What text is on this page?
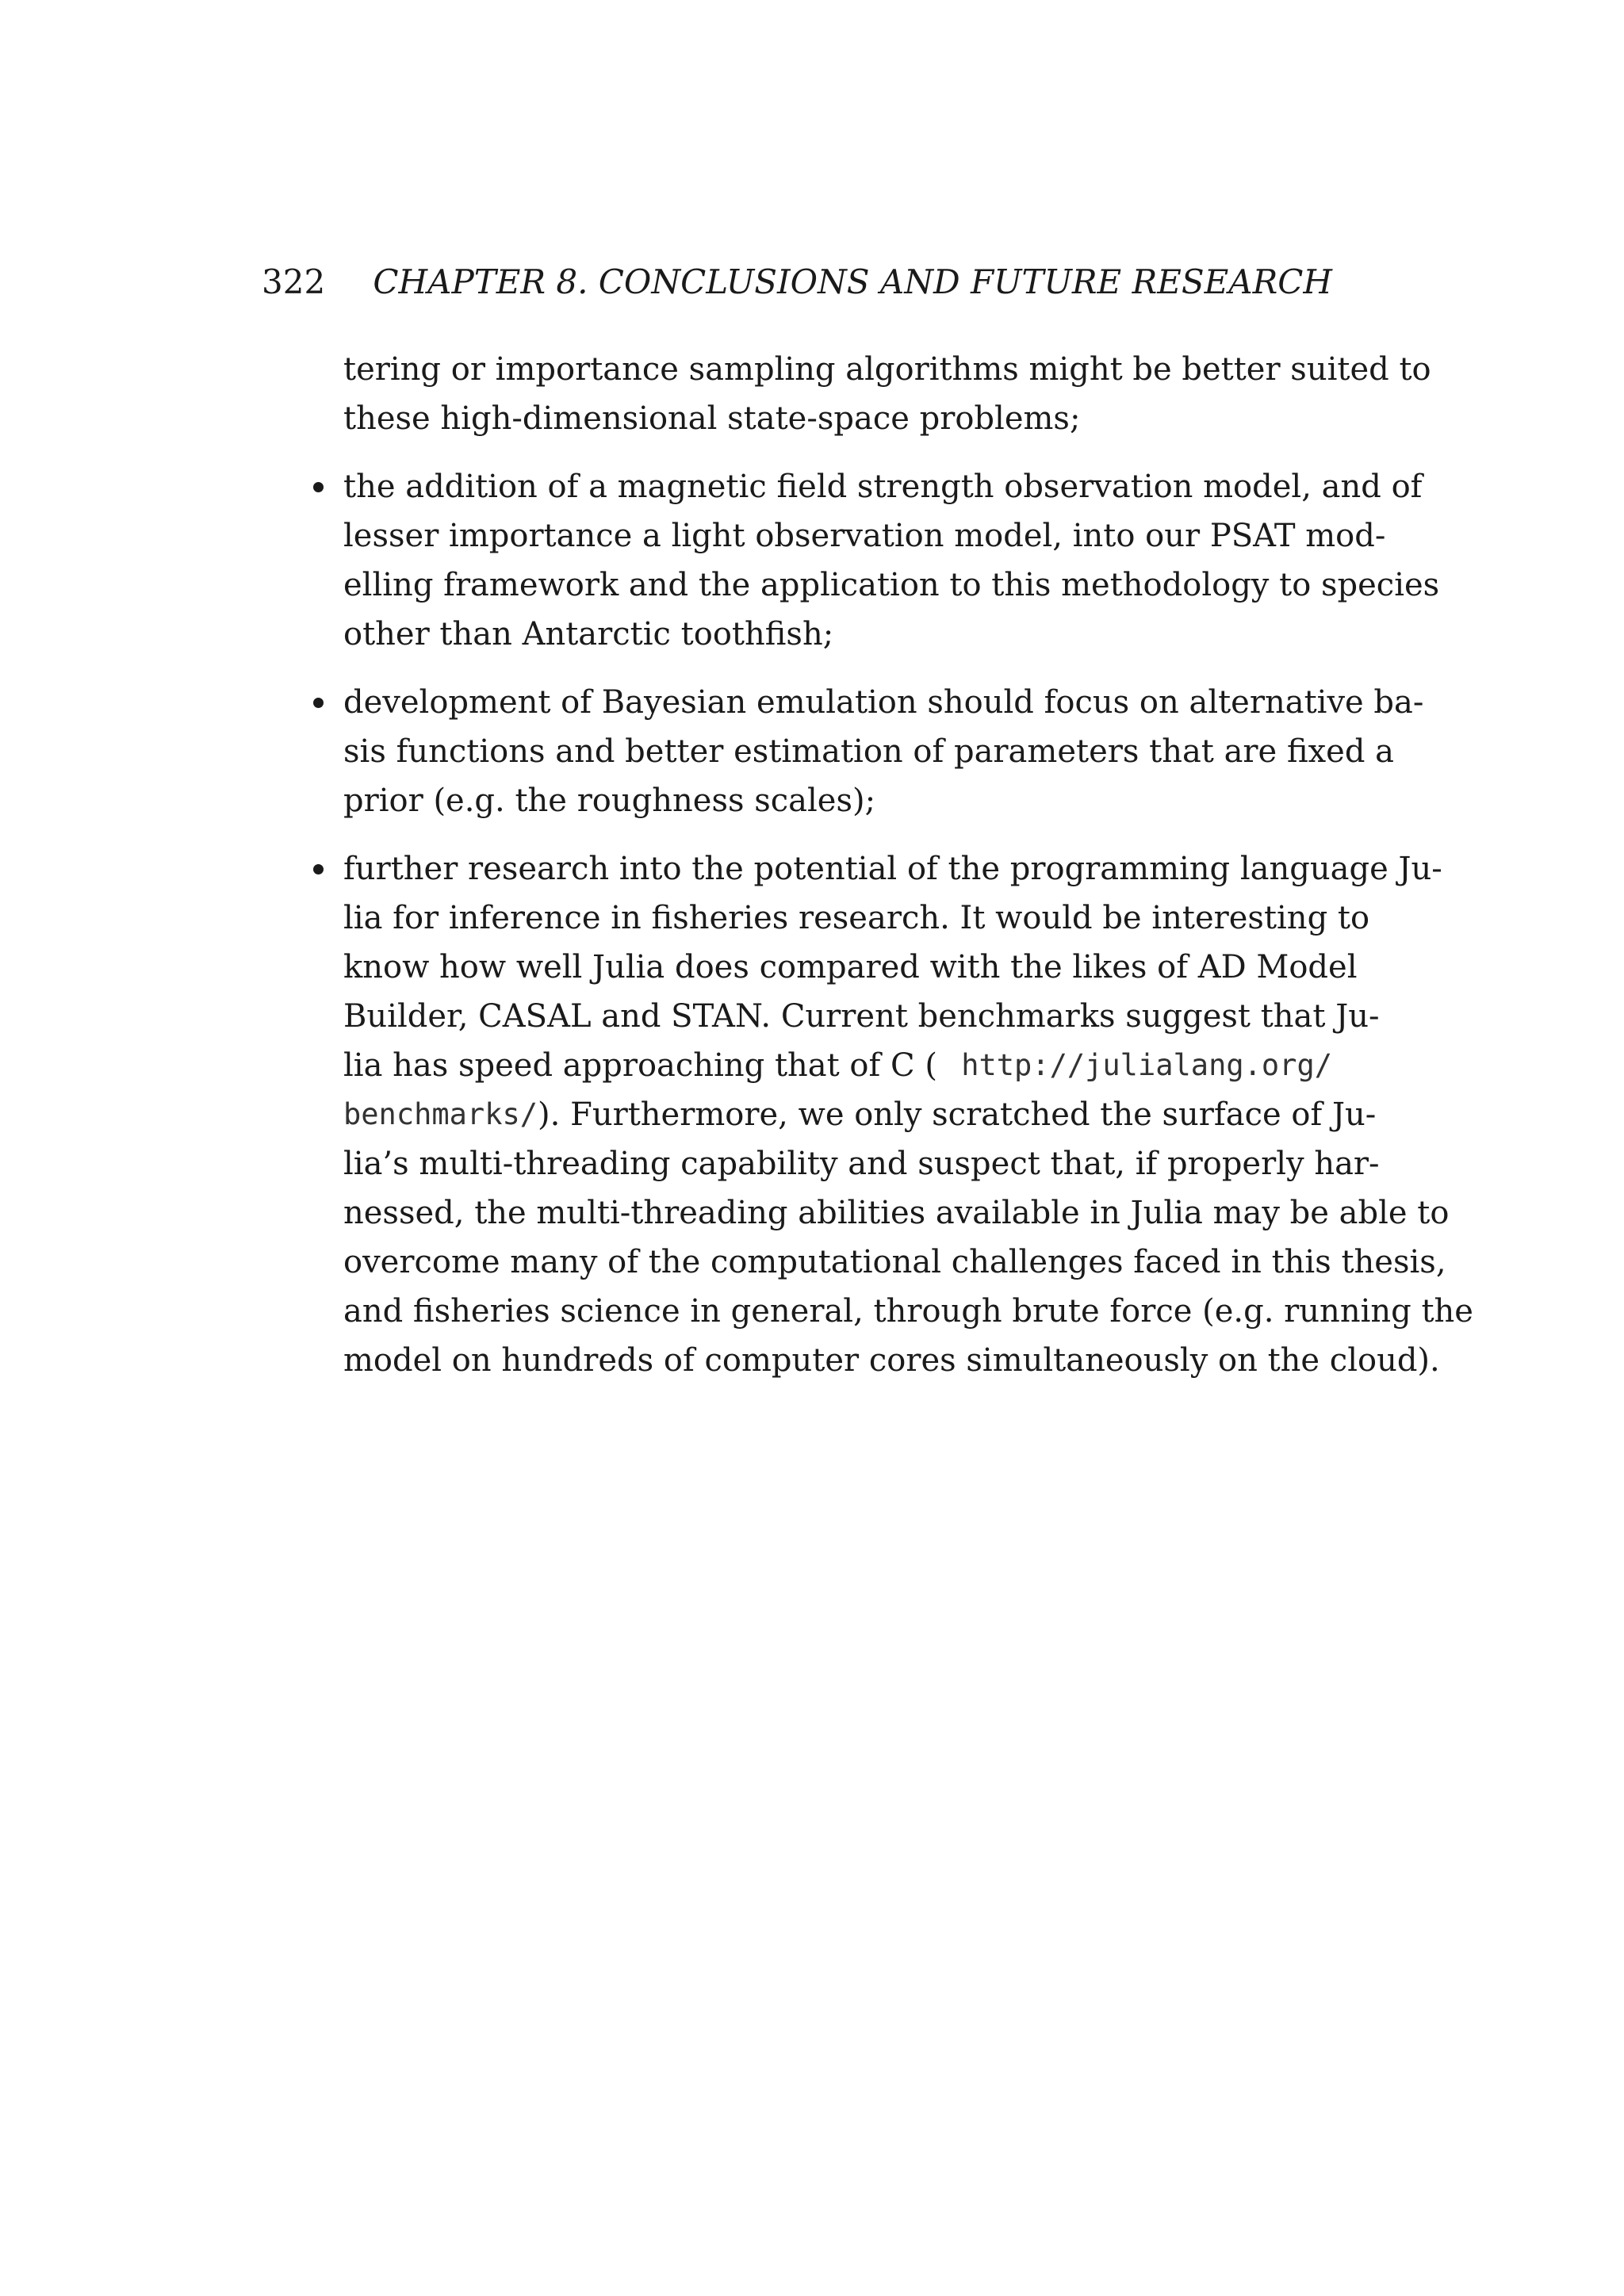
322 CHAPTER 8. CONCLUSIONS AND FUTURE RESEARCH
tering or importance sampling algorithms might be better suited to
these high-dimensional state-space problems;
the addition of a magnetic field strength observation model, and of
lesser importance a light observation model, into our PSAT mod-
elling framework and the application to this methodology to species
other than Antarctic toothfish;
development of Bayesian emulation should focus on alternative ba-
sis functions and better estimation of parameters that are fixed a
prior (e.g. the roughness scales);
further research into the potential of the programming language Ju-
lia for inference in fisheries research. It would be interesting to
know how well Julia does compared with the likes of AD Model
Builder, CASAL and STAN. Current benchmarks suggest that Ju-
lia has speed approaching that of C ( http://julialang.org/
benchmarks/ ). Furthermore, we only scratched the surface of Ju-
lia’s multi-threading capability and suspect that, if properly har-
nessed, the multi-threading abilities available in Julia may be able to
overcome many of the computational challenges faced in this thesis,
and fisheries science in general, through brute force (e.g. running the
model on hundreds of computer cores simultaneously on the cloud).
